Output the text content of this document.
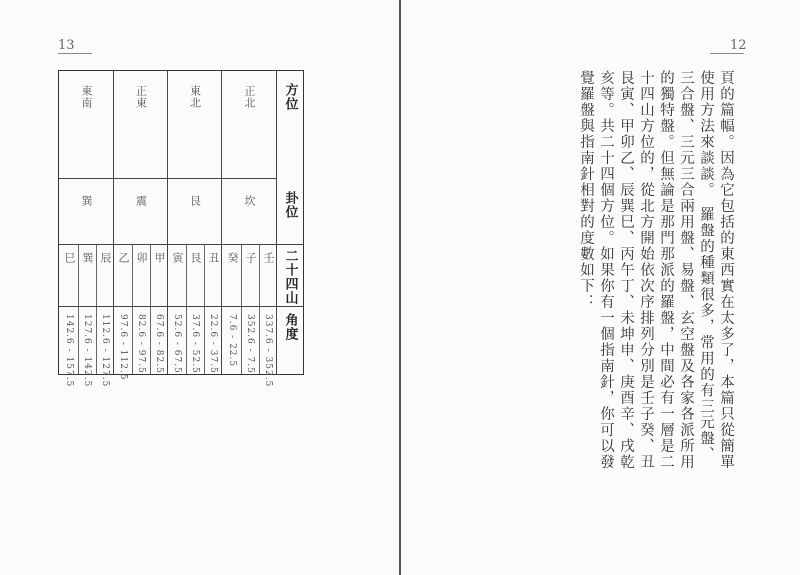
13	12
方位
卦位
二十四山
角度
正北
坎
壬
子
癸
337.6 - 352.5
352.6 - 7.5
7.6 - 22.5
東北
艮
丑
艮
寅
22.6 - 37.5
37.6 - 52.5
52.6 - 67.5
正東
震
甲
卯
乙
67.6 - 82.5
82.6 - 97.5
97.6 - 112.5
東南
巽
辰
巽
巳
112.6 - 127.5
127.6 - 142.5
142.6 - 157.5	頁的篇幅。因為它包括的東西實在太多了，本篇只從簡單使用方法來談談。　羅盤的種類很多，常用的有三元盤、三合盤、三元三合兩用盤、易盤、玄空盤及各家各派所用的獨特盤。但無論是那門那派的羅盤，中間必有一層是二十四山方位的，從北方開始依次序排列分別是壬子癸、丑艮寅、甲卯乙、辰巽巳、丙午丁、未坤申、庚酉辛、戌乾亥等。共二十四個方位。如果你有一個指南針，你可以發覺羅盤與指南針相對的度數如下：
